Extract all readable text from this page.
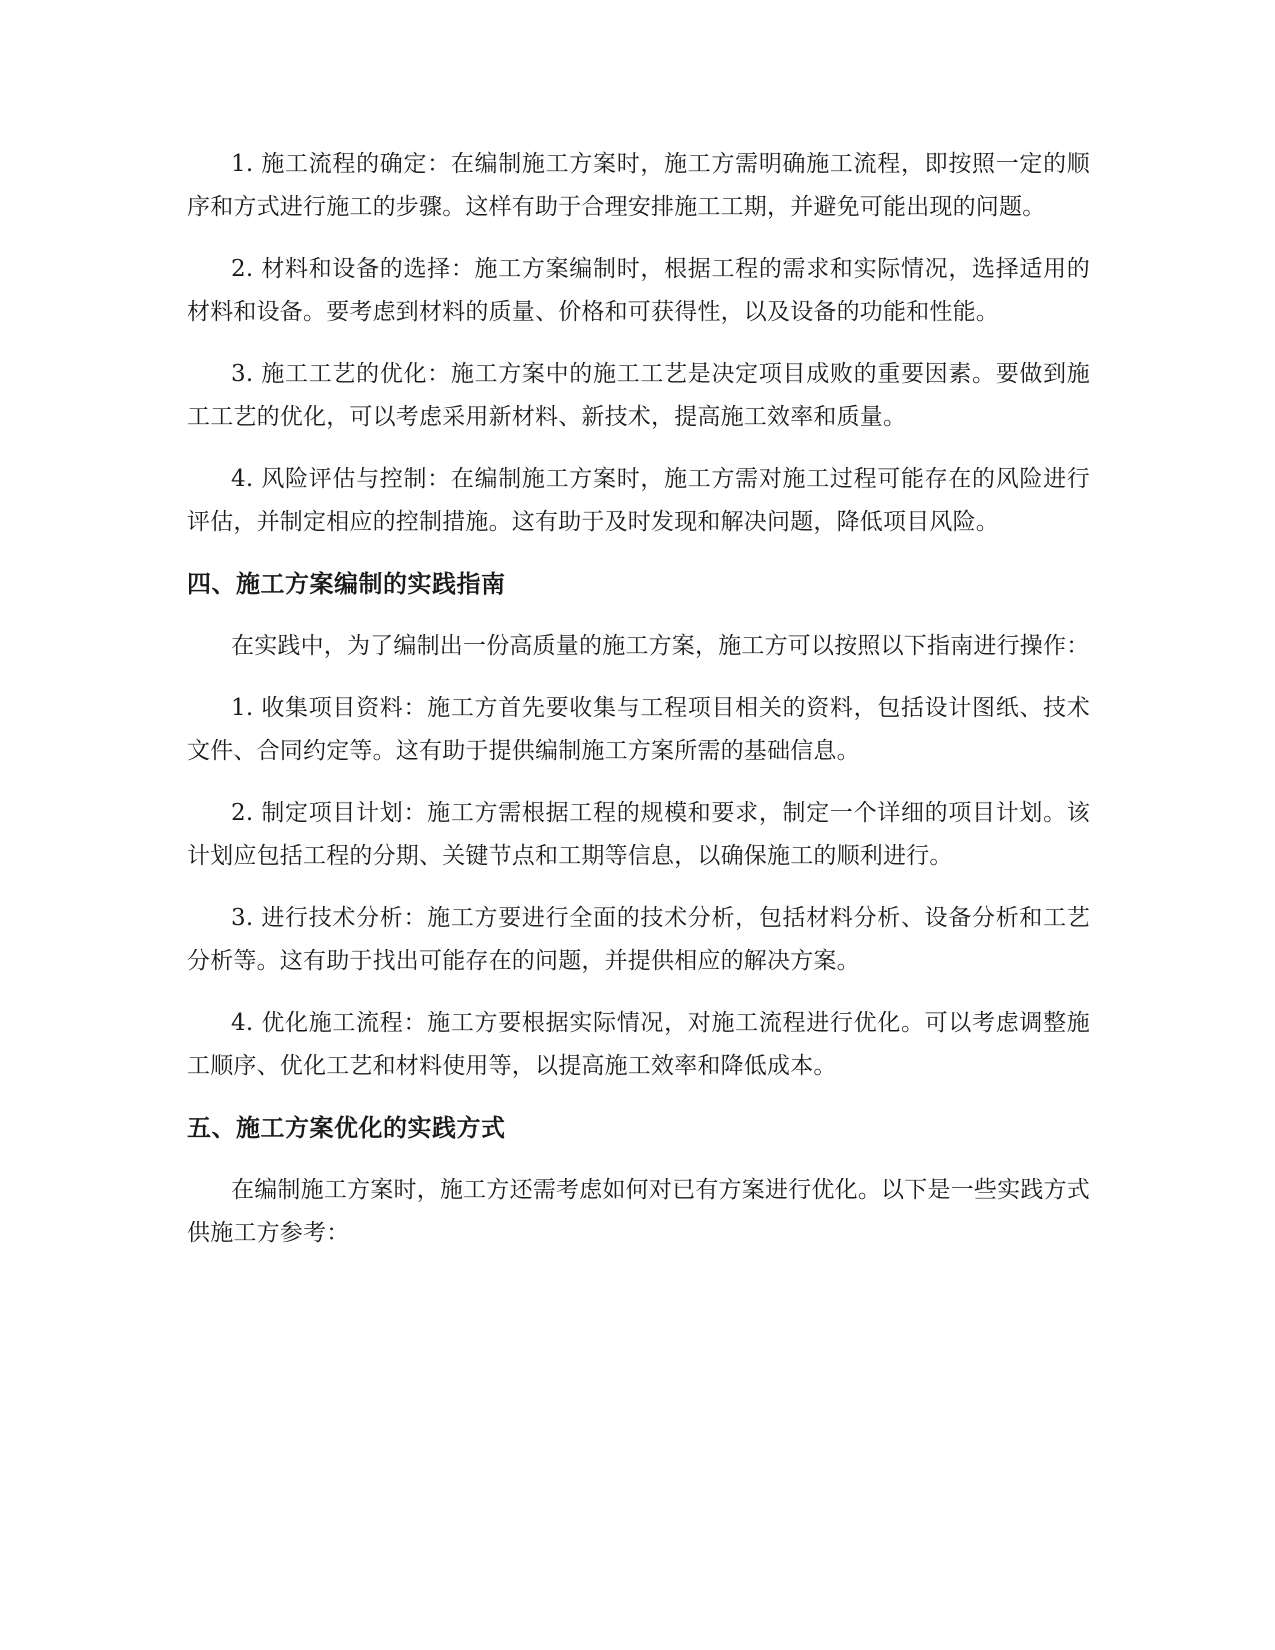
1. 施工流程的确定：在编制施工方案时，施工方需明确施工流程，即按照一定的顺序和方式进行施工的步骤。这样有助于合理安排施工工期，并避免可能出现的问题。

2. 材料和设备的选择：施工方案编制时，根据工程的需求和实际情况，选择适用的材料和设备。要考虑到材料的质量、价格和可获得性，以及设备的功能和性能。

3. 施工工艺的优化：施工方案中的施工工艺是决定项目成败的重要因素。要做到施工工艺的优化，可以考虑采用新材料、新技术，提高施工效率和质量。

4. 风险评估与控制：在编制施工方案时，施工方需对施工过程可能存在的风险进行评估，并制定相应的控制措施。这有助于及时发现和解决问题，降低项目风险。

四、施工方案编制的实践指南

在实践中，为了编制出一份高质量的施工方案，施工方可以按照以下指南进行操作：

1. 收集项目资料：施工方首先要收集与工程项目相关的资料，包括设计图纸、技术文件、合同约定等。这有助于提供编制施工方案所需的基础信息。

2. 制定项目计划：施工方需根据工程的规模和要求，制定一个详细的项目计划。该计划应包括工程的分期、关键节点和工期等信息，以确保施工的顺利进行。

3. 进行技术分析：施工方要进行全面的技术分析，包括材料分析、设备分析和工艺分析等。这有助于找出可能存在的问题，并提供相应的解决方案。

4. 优化施工流程：施工方要根据实际情况，对施工流程进行优化。可以考虑调整施工顺序、优化工艺和材料使用等，以提高施工效率和降低成本。

五、施工方案优化的实践方式

在编制施工方案时，施工方还需考虑如何对已有方案进行优化。以下是一些实践方式供施工方参考：
